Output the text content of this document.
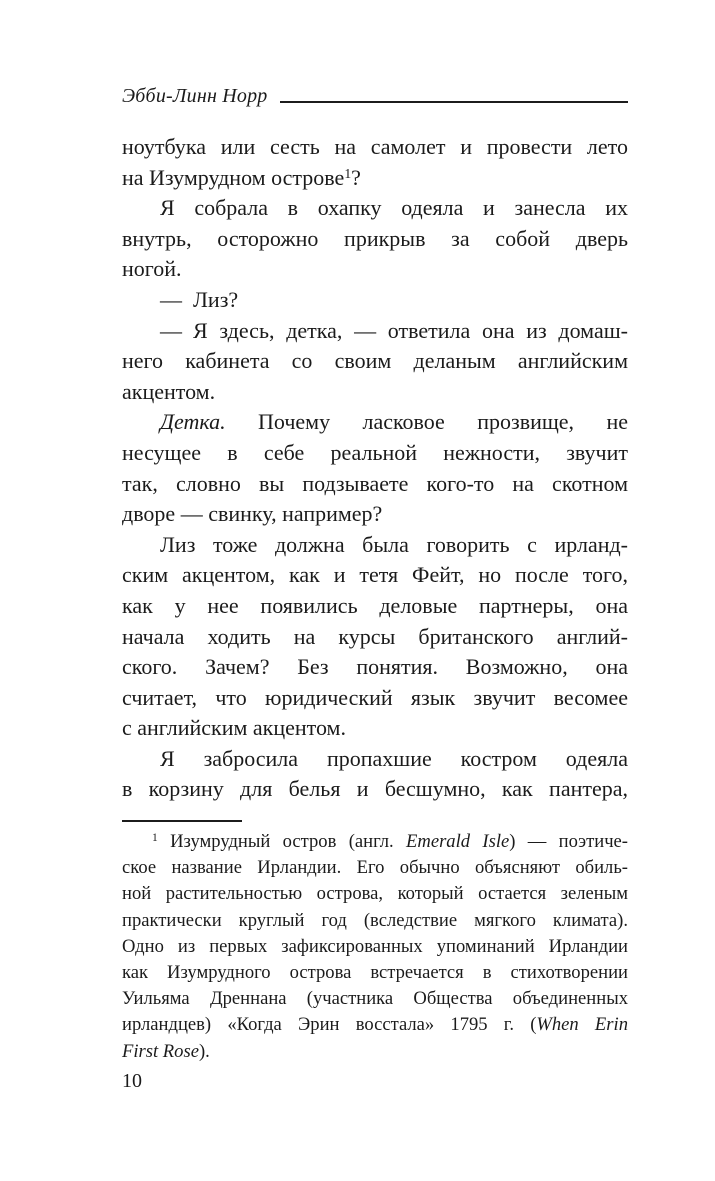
Эбби-Линн Норр
ноутбука или сесть на самолет и провести лето
на Изумрудном острове$^1$?
Я собрала в охапку одеяла и занесла их
внутрь, осторожно прикрыв за собой дверь
ногой.
— Лиз?
— Я здесь, детка, — ответила она из домаш-
него кабинета со своим деланым английским
акцентом.
Детка. Почему ласковое прозвище, не
несущее в себе реальной нежности, звучит
так, словно вы подзываете кого-то на скотном
дворе — свинку, например?
Лиз тоже должна была говорить с ирланд-
ским акцентом, как и тетя Фейт, но после того,
как у нее появились деловые партнеры, она
начала ходить на курсы британского англий-
ского. Зачем? Без понятия. Возможно, она
считает, что юридический язык звучит весомее
с английским акцентом.
Я забросила пропахшие костром одеяла
в корзину для белья и бесшумно, как пантера,
$^1$ Изумрудный остров (англ. Emerald Isle) — поэтиче-
ское название Ирландии. Его обычно объясняют обиль-
ной растительностью острова, который остается зеленым
практически круглый год (вследствие мягкого климата).
Одно из первых зафиксированных упоминаний Ирландии
как Изумрудного острова встречается в стихотворении
Уильяма Дреннана (участника Общества объединенных
ирландцев) «Когда Эрин восстала» 1795 г. (When Erin
First Rose).
10
